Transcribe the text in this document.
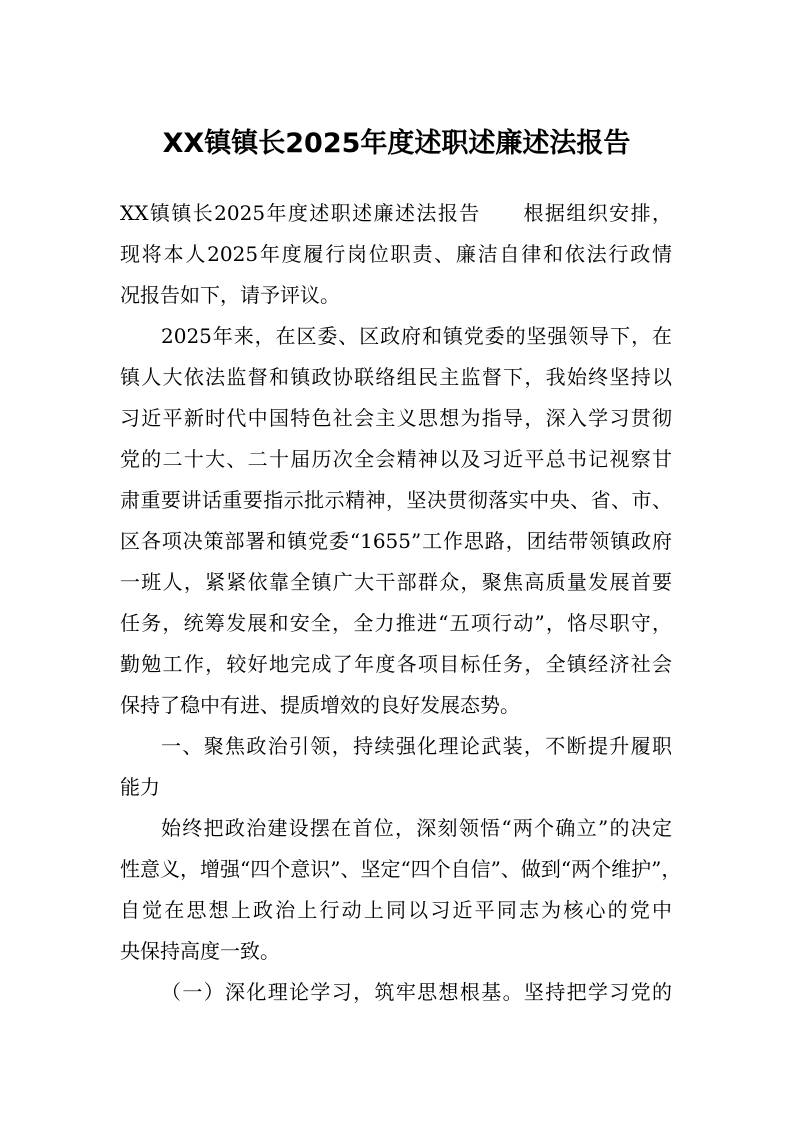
XX镇镇长2025年度述职述廉述法报告
XX镇镇长2025年度述职述廉述法报告　　根据组织安排，
现将本人2025年度履行岗位职责、廉洁自律和依法行政情
况报告如下，请予评议。
2025年来，在区委、区政府和镇党委的坚强领导下，在
镇人大依法监督和镇政协联络组民主监督下，我始终坚持以
习近平新时代中国特色社会主义思想为指导，深入学习贯彻
党的二十大、二十届历次全会精神以及习近平总书记视察甘
肃重要讲话重要指示批示精神，坚决贯彻落实中央、省、市、
区各项决策部署和镇党委“1655”工作思路，团结带领镇政府
一班人，紧紧依靠全镇广大干部群众，聚焦高质量发展首要
任务，统筹发展和安全，全力推进“五项行动”，恪尽职守，
勤勉工作，较好地完成了年度各项目标任务，全镇经济社会
保持了稳中有进、提质增效的良好发展态势。
一、聚焦政治引领，持续强化理论武装，不断提升履职
能力
始终把政治建设摆在首位，深刻领悟“两个确立”的决定
性意义，增强“四个意识”、坚定“四个自信”、做到“两个维护”，
自觉在思想上政治上行动上同以习近平同志为核心的党中
央保持高度一致。
（一）深化理论学习，筑牢思想根基。坚持把学习党的
